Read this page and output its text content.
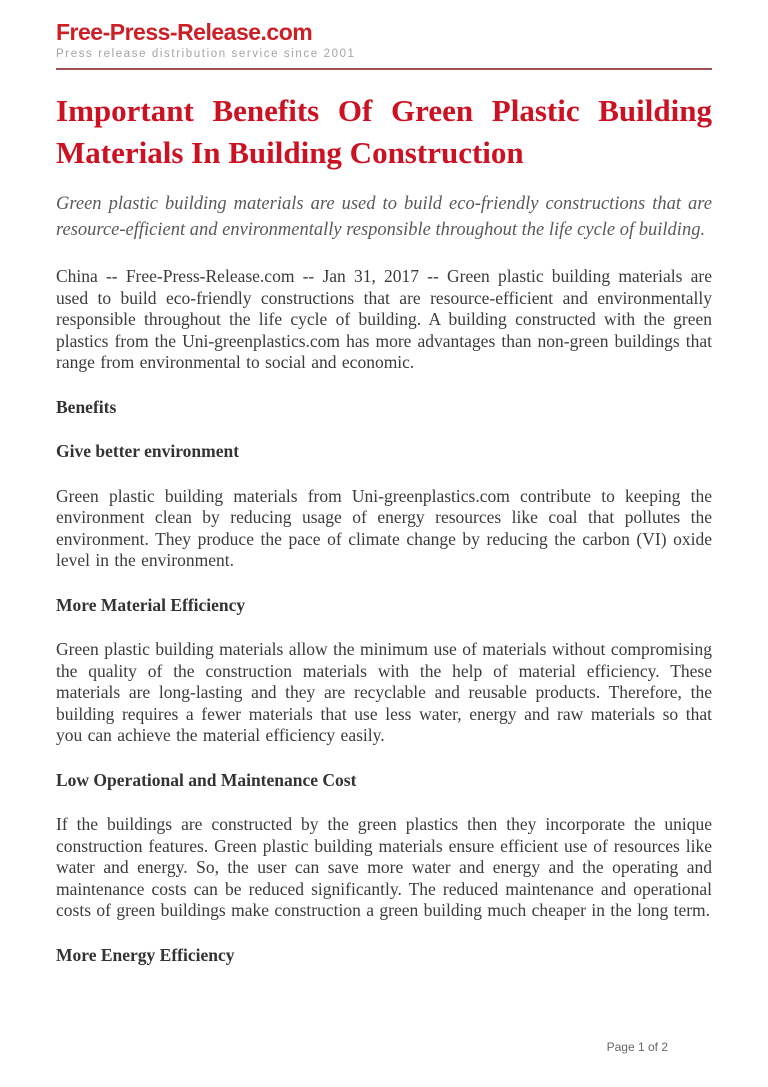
Free-Press-Release.com
Press release distribution service since 2001
Important Benefits Of Green Plastic Building Materials In Building Construction

Green plastic building materials are used to build eco-friendly constructions that are resource-efficient and environmentally responsible throughout the life cycle of building.

China -- Free-Press-Release.com -- Jan 31, 2017 -- Green plastic building materials are used to build eco-friendly constructions that are resource-efficient and environmentally responsible throughout the life cycle of building. A building constructed with the green plastics from the Uni-greenplastics.com has more advantages than non-green buildings that range from environmental to social and economic.

Benefits
Give better environment

Green plastic building materials from Uni-greenplastics.com contribute to keeping the environment clean by reducing usage of energy resources like coal that pollutes the environment. They produce the pace of climate change by reducing the carbon (VI) oxide level in the environment.

More Material Efficiency

Green plastic building materials allow the minimum use of materials without compromising the quality of the construction materials with the help of material efficiency. These materials are long-lasting and they are recyclable and reusable products. Therefore, the building requires a fewer materials that use less water, energy and raw materials so that you can achieve the material efficiency easily.

Low Operational and Maintenance Cost

If the buildings are constructed by the green plastics then they incorporate the unique construction features. Green plastic building materials ensure efficient use of resources like water and energy. So, the user can save more water and energy and the operating and maintenance costs can be reduced significantly. The reduced maintenance and operational costs of green buildings make construction a green building much cheaper in the long term.

More Energy Efficiency
Page 1 of 2
